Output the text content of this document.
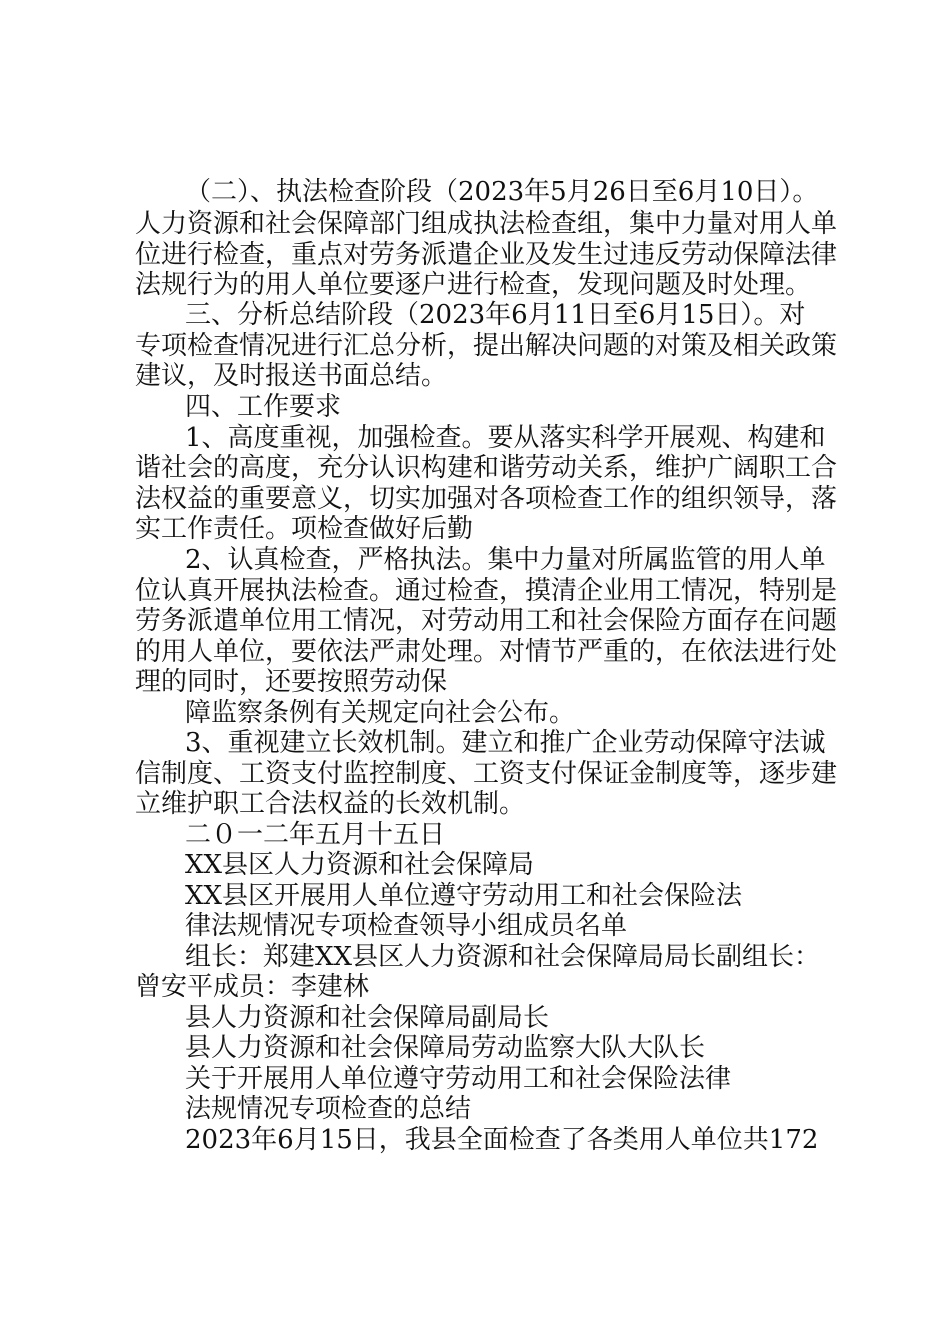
（二）、执法检查阶段（2023年5月26日至6月10日）。
人力资源和社会保障部门组成执法检查组，集中力量对用人单
位进行检查，重点对劳务派遣企业及发生过违反劳动保障法律
法规行为的用人单位要逐户进行检查，发现问题及时处理。
三、分析总结阶段（2023年6月11日至6月15日）。对
专项检查情况进行汇总分析，提出解决问题的对策及相关政策
建议，及时报送书面总结。
四、工作要求
1、高度重视，加强检查。要从落实科学开展观、构建和
谐社会的高度，充分认识构建和谐劳动关系，维护广阔职工合
法权益的重要意义，切实加强对各项检查工作的组织领导，落
实工作责任。项检查做好后勤
2、认真检查，严格执法。集中力量对所属监管的用人单
位认真开展执法检查。通过检查，摸清企业用工情况，特别是
劳务派遣单位用工情况，对劳动用工和社会保险方面存在问题
的用人单位，要依法严肃处理。对情节严重的，在依法进行处
理的同时，还要按照劳动保
障监察条例有关规定向社会公布。
3、重视建立长效机制。建立和推广企业劳动保障守法诚
信制度、工资支付监控制度、工资支付保证金制度等，逐步建
立维护职工合法权益的长效机制。
二０一二年五月十五日
XX县区人力资源和社会保障局
XX县区开展用人单位遵守劳动用工和社会保险法
律法规情况专项检查领导小组成员名单
组长：郑建XX县区人力资源和社会保障局局长副组长：
曾安平成员：李建林
县人力资源和社会保障局副局长
县人力资源和社会保障局劳动监察大队大队长
关于开展用人单位遵守劳动用工和社会保险法律
法规情况专项检查的总结
2023年6月15日，我县全面检查了各类用人单位共172
